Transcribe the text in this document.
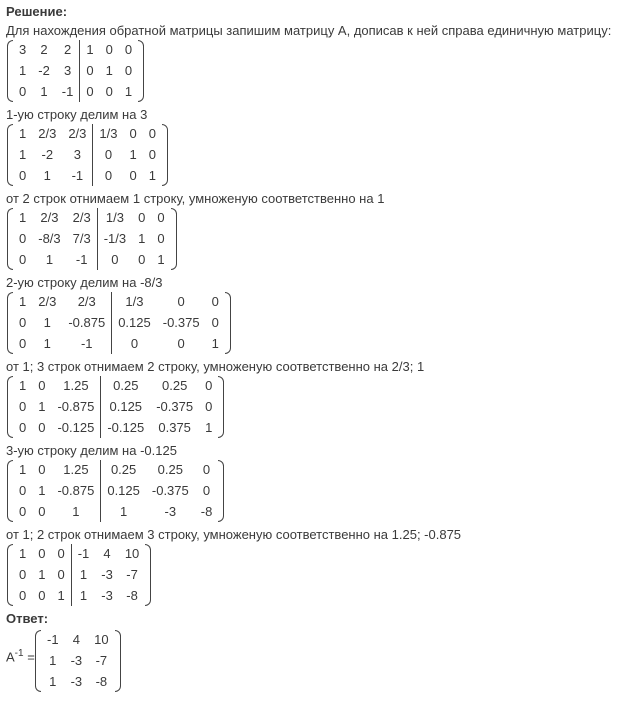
Решение:
Для нахождения обратной матрицы запишим матрицу А, дописав к ней справа единичную матрицу:
3	2	2	1	0	0
1	-2	3	0	1	0
0	1	-1	0	0	1
1-ую строку делим на 3
1	2/3	2/3	1/3	0	0
1	-2	3	0	1	0
0	1	-1	0	0	1
от 2 строк отнимаем 1 строку, умноженую соответственно на 1
1	2/3	2/3	1/3	0	0
0	-8/3	7/3	-1/3	1	0
0	1	-1	0	0	1
2-ую строку делим на -8/3
1	2/3	2/3	1/3	0	0
0	1	-0.875	0.125	-0.375	0
0	1	-1	0	0	1
от 1; 3 строк отнимаем 2 строку, умноженую соответственно на 2/3; 1
1	0	1.25	0.25	0.25	0
0	1	-0.875	0.125	-0.375	0
0	0	-0.125	-0.125	0.375	1
3-ую строку делим на -0.125
1	0	1.25	0.25	0.25	0
0	1	-0.875	0.125	-0.375	0
0	0	1	1	-3	-8
от 1; 2 строк отнимаем 3 строку, умноженую соответственно на 1.25; -0.875
1	0	0	-1	4	10
0	1	0	1	-3	-7
0	0	1	1	-3	-8
Ответ:
$A^{-1}$ =
-1	4	10
1	-3	-7
1	-3	-8
